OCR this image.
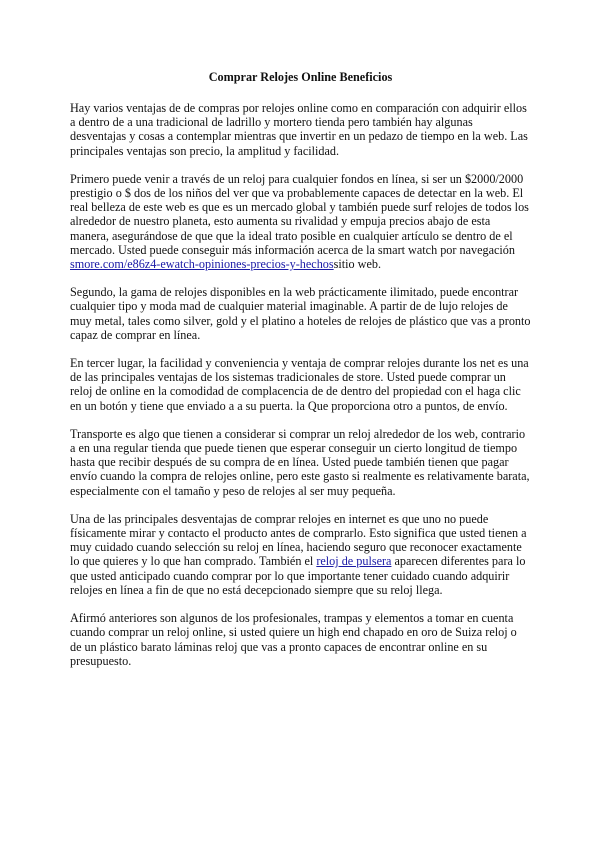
Comprar Relojes Online Beneficios

Hay varios ventajas de de compras por relojes online como en comparación con adquirir ellos a dentro de a una tradicional de ladrillo y mortero tienda pero también hay algunas desventajas y cosas a contemplar mientras que invertir en un pedazo de tiempo en la web. Las principales ventajas son precio, la amplitud y facilidad.

Primero puede venir a través de un reloj para cualquier fondos en línea, si ser un $2000/2000 prestigio o $ dos de los niños del ver que va probablemente capaces de detectar en la web. El real belleza de este web es que es un mercado global y también puede surf relojes de todos los alrededor de nuestro planeta, esto aumenta su rivalidad y empuja precios abajo de esta manera, asegurándose de que que la ideal trato posible en cualquier artículo se dentro de el mercado. Usted puede conseguir más información acerca de la smart watch por navegación smore.com/e86z4-ewatch-opiniones-precios-y-hechossitio web.

Segundo, la gama de relojes disponibles en la web prácticamente ilimitado, puede encontrar cualquier tipo y moda mad de cualquier material imaginable. A partir de de lujo relojes de muy metal, tales como silver, gold y el platino a hoteles de relojes de plástico que vas a pronto capaz de comprar en línea.

En tercer lugar, la facilidad y conveniencia y ventaja de comprar relojes durante los net es una de las principales ventajas de los sistemas tradicionales de store. Usted puede comprar un reloj de online en la comodidad de complacencia de de dentro del propiedad con el haga clic en un botón y tiene que enviado a a su puerta. la Que proporciona otro a puntos, de envío.

Transporte es algo que tienen a considerar si comprar un reloj alrededor de los web, contrario a en una regular tienda que puede tienen que esperar conseguir un cierto longitud de tiempo hasta que recibir después de su compra de en línea. Usted puede también tienen que pagar envío cuando la compra de relojes online, pero este gasto si realmente es relativamente barata, especialmente con el tamaño y peso de relojes al ser muy pequeña.

Una de las principales desventajas de comprar relojes en internet es que uno no puede físicamente mirar y contacto el producto antes de comprarlo. Esto significa que usted tienen a muy cuidado cuando selección su reloj en línea, haciendo seguro que reconocer exactamente lo que quieres y lo que han comprado. También el reloj de pulsera aparecen diferentes para lo que usted anticipado cuando comprar por lo que importante tener cuidado cuando adquirir relojes en línea a fin de que no está decepcionado siempre que su reloj llega.

Afirmó anteriores son algunos de los profesionales, trampas y elementos a tomar en cuenta cuando comprar un reloj online, si usted quiere un high end chapado en oro de Suiza reloj o de un plástico barato láminas reloj que vas a pronto capaces de encontrar online en su presupuesto.
